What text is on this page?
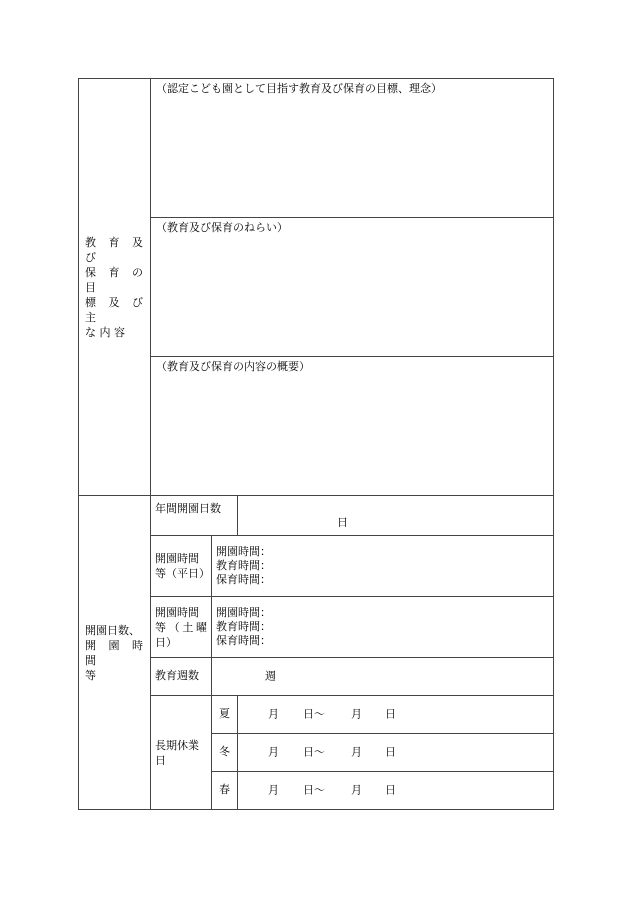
教 育 及 び
保 育 の 目
標 及 び 主
な 内 容	（認定こども園として目指す教育及び保育の目標、理念）		

	（教育及び保育のねらい）		

	（教育及び保育の内容の概要）		

開園日数、
開 園 時 間
等	年間開園日数		日

	開園時間
等（平日）	開園時間：
教育時間：
保育時間：	

	開園時間
等（土曜
日）	開園時間：
教育時間：
保育時間：	

	教育週数	週	

	長期休業
日	夏	月 日〜 月 日

		冬	月 日〜 月 日

		春	月 日〜 月 日
